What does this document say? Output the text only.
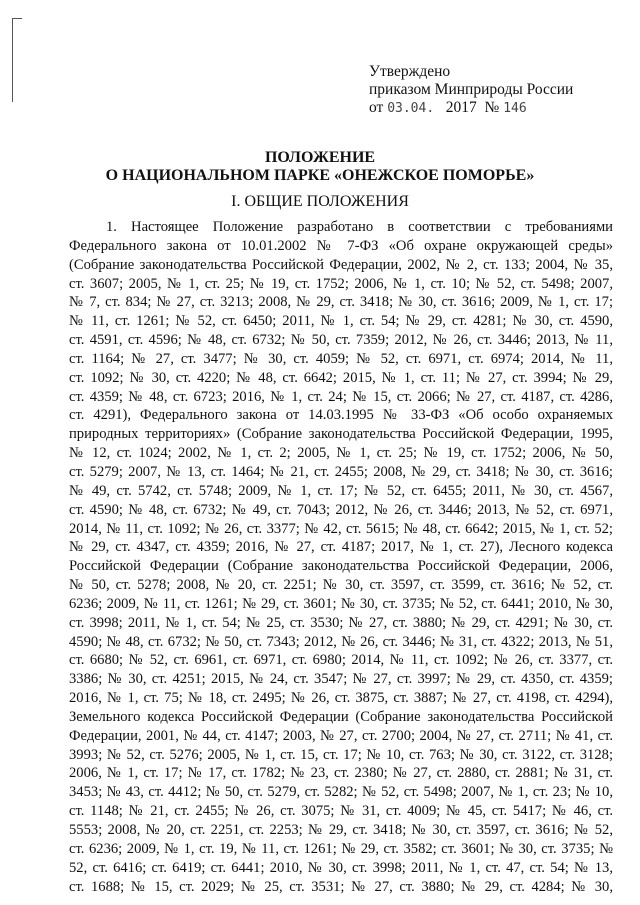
Утверждено
приказом Минприроды России
от 03.04. 2017 № 146
ПОЛОЖЕНИЕ
О НАЦИОНАЛЬНОМ ПАРКЕ «ОНЕЖСКОЕ ПОМОРЬЕ»
I. ОБЩИЕ ПОЛОЖЕНИЯ
1. Настоящее Положение разработано в соответствии с требованиями
Федерального закона от 10.01.2002 № 7-ФЗ «Об охране окружающей среды»
(Собрание законодательства Российской Федерации, 2002, № 2, ст. 133; 2004, № 35,
ст. 3607; 2005, № 1, ст. 25; № 19, ст. 1752; 2006, № 1, ст. 10; № 52, ст. 5498; 2007,
№ 7, ст. 834; № 27, ст. 3213; 2008, № 29, ст. 3418; № 30, ст. 3616; 2009, № 1, ст. 17;
№ 11, ст. 1261; № 52, ст. 6450; 2011, № 1, ст. 54; № 29, ст. 4281; № 30, ст. 4590,
ст. 4591, ст. 4596; № 48, ст. 6732; № 50, ст. 7359; 2012, № 26, ст. 3446; 2013, № 11,
ст. 1164; № 27, ст. 3477; № 30, ст. 4059; № 52, ст. 6971, ст. 6974; 2014, № 11,
ст. 1092; № 30, ст. 4220; № 48, ст. 6642; 2015, № 1, ст. 11; № 27, ст. 3994; № 29,
ст. 4359; № 48, ст. 6723; 2016, № 1, ст. 24; № 15, ст. 2066; № 27, ст. 4187, ст. 4286,
ст. 4291), Федерального закона от 14.03.1995 № 33-ФЗ «Об особо охраняемых
природных территориях» (Собрание законодательства Российской Федерации, 1995,
№ 12, ст. 1024; 2002, № 1, ст. 2; 2005, № 1, ст. 25; № 19, ст. 1752; 2006, № 50,
ст. 5279; 2007, № 13, ст. 1464; № 21, ст. 2455; 2008, № 29, ст. 3418; № 30, ст. 3616;
№ 49, ст. 5742, ст. 5748; 2009, № 1, ст. 17; № 52, ст. 6455; 2011, № 30, ст. 4567,
ст. 4590; № 48, ст. 6732; № 49, ст. 7043; 2012, № 26, ст. 3446; 2013, № 52, ст. 6971,
2014, № 11, ст. 1092; № 26, ст. 3377; № 42, ст. 5615; № 48, ст. 6642; 2015, № 1, ст. 52;
№ 29, ст. 4347, ст. 4359; 2016, № 27, ст. 4187; 2017, № 1, ст. 27), Лесного кодекса
Российской Федерации (Собрание законодательства Российской Федерации, 2006,
№ 50, ст. 5278; 2008, № 20, ст. 2251; № 30, ст. 3597, ст. 3599, ст. 3616; № 52, ст.
6236; 2009, № 11, ст. 1261; № 29, ст. 3601; № 30, ст. 3735; № 52, ст. 6441; 2010, № 30,
ст. 3998; 2011, № 1, ст. 54; № 25, ст. 3530; № 27, ст. 3880; № 29, ст. 4291; № 30, ст.
4590; № 48, ст. 6732; № 50, ст. 7343; 2012, № 26, ст. 3446; № 31, ст. 4322; 2013, № 51,
ст. 6680; № 52, ст. 6961, ст. 6971, ст. 6980; 2014, № 11, ст. 1092; № 26, ст. 3377, ст.
3386; № 30, ст. 4251; 2015, № 24, ст. 3547; № 27, ст. 3997; № 29, ст. 4350, ст. 4359;
2016, № 1, ст. 75; № 18, ст. 2495; № 26, ст. 3875, ст. 3887; № 27, ст. 4198, ст. 4294),
Земельного кодекса Российской Федерации (Собрание законодательства Российской
Федерации, 2001, № 44, ст. 4147; 2003, № 27, ст. 2700; 2004, № 27, ст. 2711; № 41, ст.
3993; № 52, ст. 5276; 2005, № 1, ст. 15, ст. 17; № 10, ст. 763; № 30, ст. 3122, ст. 3128;
2006, № 1, ст. 17; № 17, ст. 1782; № 23, ст. 2380; № 27, ст. 2880, ст. 2881; № 31, ст.
3453; № 43, ст. 4412; № 50, ст. 5279, ст. 5282; № 52, ст. 5498; 2007, № 1, ст. 23; № 10,
ст. 1148; № 21, ст. 2455; № 26, ст. 3075; № 31, ст. 4009; № 45, ст. 5417; № 46, ст.
5553; 2008, № 20, ст. 2251, ст. 2253; № 29, ст. 3418; № 30, ст. 3597, ст. 3616; № 52,
ст. 6236; 2009, № 1, ст. 19, № 11, ст. 1261; № 29, ст. 3582; ст. 3601; № 30, ст. 3735; №
52, ст. 6416; ст. 6419; ст. 6441; 2010, № 30, ст. 3998; 2011, № 1, ст. 47, ст. 54; № 13,
ст. 1688; № 15, ст. 2029; № 25, ст. 3531; № 27, ст. 3880; № 29, ст. 4284; № 30,
